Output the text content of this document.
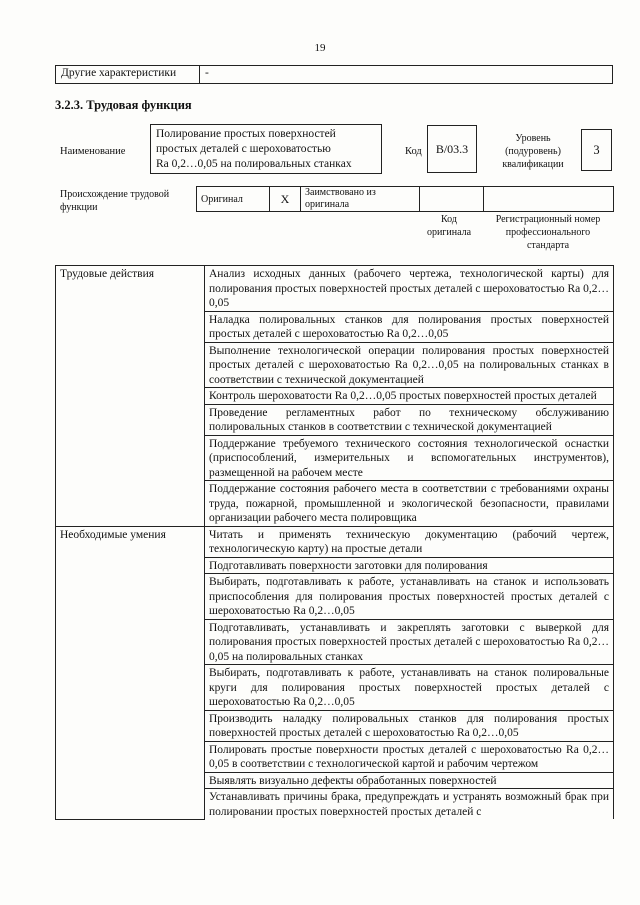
19
Другие характеристики	-
3.2.3. Трудовая функция
Наименование
Полирование простых поверхностей
простых деталей с шероховатостью
Ra 0,2…0,05 на полировальных станках
Код	B/03.3
Уровень
(подуровень)
квалификации
3
Происхождение трудовой
функции
Оригинал	X	Заимствовано из
оригинала

Код
оригинала
Регистрационный номер
профессионального
стандарта
Трудовые действия	Анализ исходных данных (рабочего чертежа, технологической карты) для полирования простых поверхностей простых деталей с шероховатостью Ra 0,2…0,05
	Наладка полировальных станков для полирования простых поверхностей простых деталей с шероховатостью Ra 0,2…0,05
	Выполнение технологической операции полирования простых поверхностей простых деталей с шероховатостью Ra 0,2…0,05 на полировальных станках в соответствии с технической документацией
	Контроль шероховатости Ra 0,2…0,05 простых поверхностей простых деталей
	Проведение регламентных работ по техническому обслуживанию полировальных станков в соответствии с технической документацией
	Поддержание требуемого технического состояния технологической оснастки (приспособлений, измерительных и вспомогательных инструментов), размещенной на рабочем месте
	Поддержание состояния рабочего места в соответствии с требованиями охраны труда, пожарной, промышленной и экологической безопасности, правилами организации рабочего места полировщика
Необходимые умения	Читать и применять техническую документацию (рабочий чертеж, технологическую карту) на простые детали
	Подготавливать поверхности заготовки для полирования
	Выбирать, подготавливать к работе, устанавливать на станок и использовать приспособления для полирования простых поверхностей простых деталей с шероховатостью Ra 0,2…0,05
	Подготавливать, устанавливать и закреплять заготовки с выверкой для полирования простых поверхностей простых деталей с шероховатостью Ra 0,2…0,05 на полировальных станках
	Выбирать, подготавливать к работе, устанавливать на станок полировальные круги для полирования простых поверхностей простых деталей с шероховатостью Ra 0,2…0,05
	Производить наладку полировальных станков для полирования простых поверхностей простых деталей с шероховатостью Ra 0,2…0,05
	Полировать простые поверхности простых деталей с шероховатостью Ra 0,2…0,05 в соответствии с технологической картой и рабочим чертежом
	Выявлять визуально дефекты обработанных поверхностей
	Устанавливать причины брака, предупреждать и устранять возможный брак при полировании простых поверхностей простых деталей с
